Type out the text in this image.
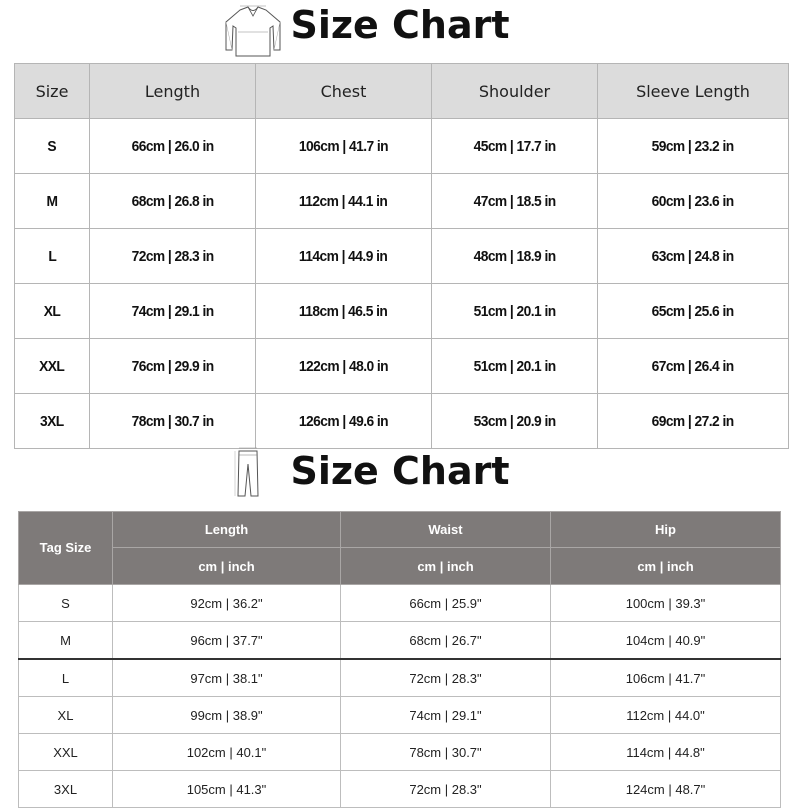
Size Chart
Size	Length	Chest	Shoulder	Sleeve Length
S	66cm | 26.0 in	106cm | 41.7 in	45cm | 17.7 in	59cm | 23.2 in
M	68cm | 26.8 in	112cm | 44.1 in	47cm | 18.5 in	60cm | 23.6 in
L	72cm | 28.3 in	114cm | 44.9 in	48cm | 18.9 in	63cm | 24.8 in
XL	74cm | 29.1 in	118cm | 46.5 in	51cm | 20.1 in	65cm | 25.6 in
XXL	76cm | 29.9 in	122cm | 48.0 in	51cm | 20.1 in	67cm | 26.4 in
3XL	78cm | 30.7 in	126cm | 49.6 in	53cm | 20.9 in	69cm | 27.2 in
Size Chart
Tag Size	Length	Waist	Hip
	cm | inch	cm | inch	cm | inch
S	92cm | 36.2"	66cm | 25.9"	100cm | 39.3"
M	96cm | 37.7"	68cm | 26.7"	104cm | 40.9"
L	97cm | 38.1"	72cm | 28.3"	106cm | 41.7"
XL	99cm | 38.9"	74cm | 29.1"	112cm | 44.0"
XXL	102cm | 40.1"	78cm | 30.7"	114cm | 44.8"
3XL	105cm | 41.3"	72cm | 28.3"	124cm | 48.7"
